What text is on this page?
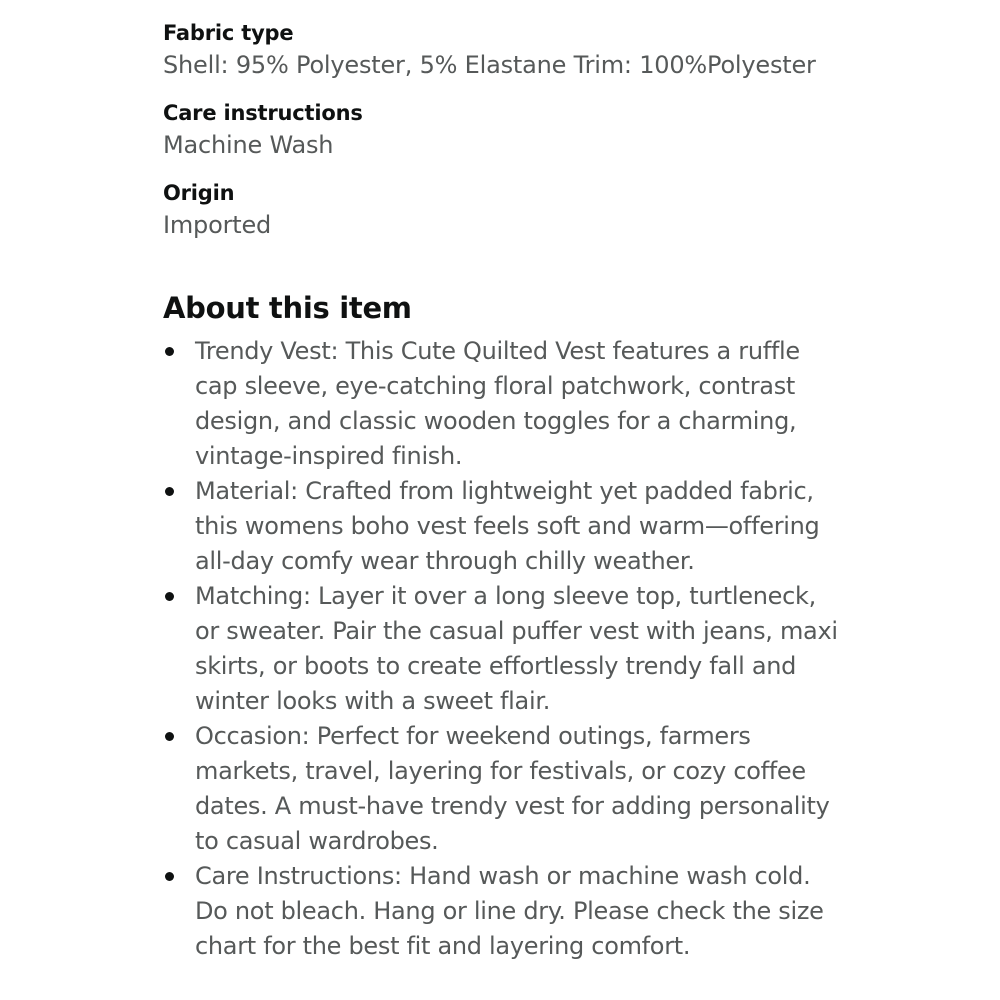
Fabric type
Shell: 95% Polyester, 5% Elastane Trim: 100%Polyester
Care instructions
Machine Wash
Origin
Imported
About this item
Trendy Vest: This Cute Quilted Vest features a ruffle cap sleeve, eye-catching floral patchwork, contrast design, and classic wooden toggles for a charming, vintage-inspired finish.
Material: Crafted from lightweight yet padded fabric, this womens boho vest feels soft and warm—offering all-day comfy wear through chilly weather.
Matching: Layer it over a long sleeve top, turtleneck, or sweater. Pair the casual puffer vest with jeans, maxi skirts, or boots to create effortlessly trendy fall and winter looks with a sweet flair.
Occasion: Perfect for weekend outings, farmers markets, travel, layering for festivals, or cozy coffee dates. A must-have trendy vest for adding personality to casual wardrobes.
Care Instructions: Hand wash or machine wash cold. Do not bleach. Hang or line dry. Please check the size chart for the best fit and layering comfort.
